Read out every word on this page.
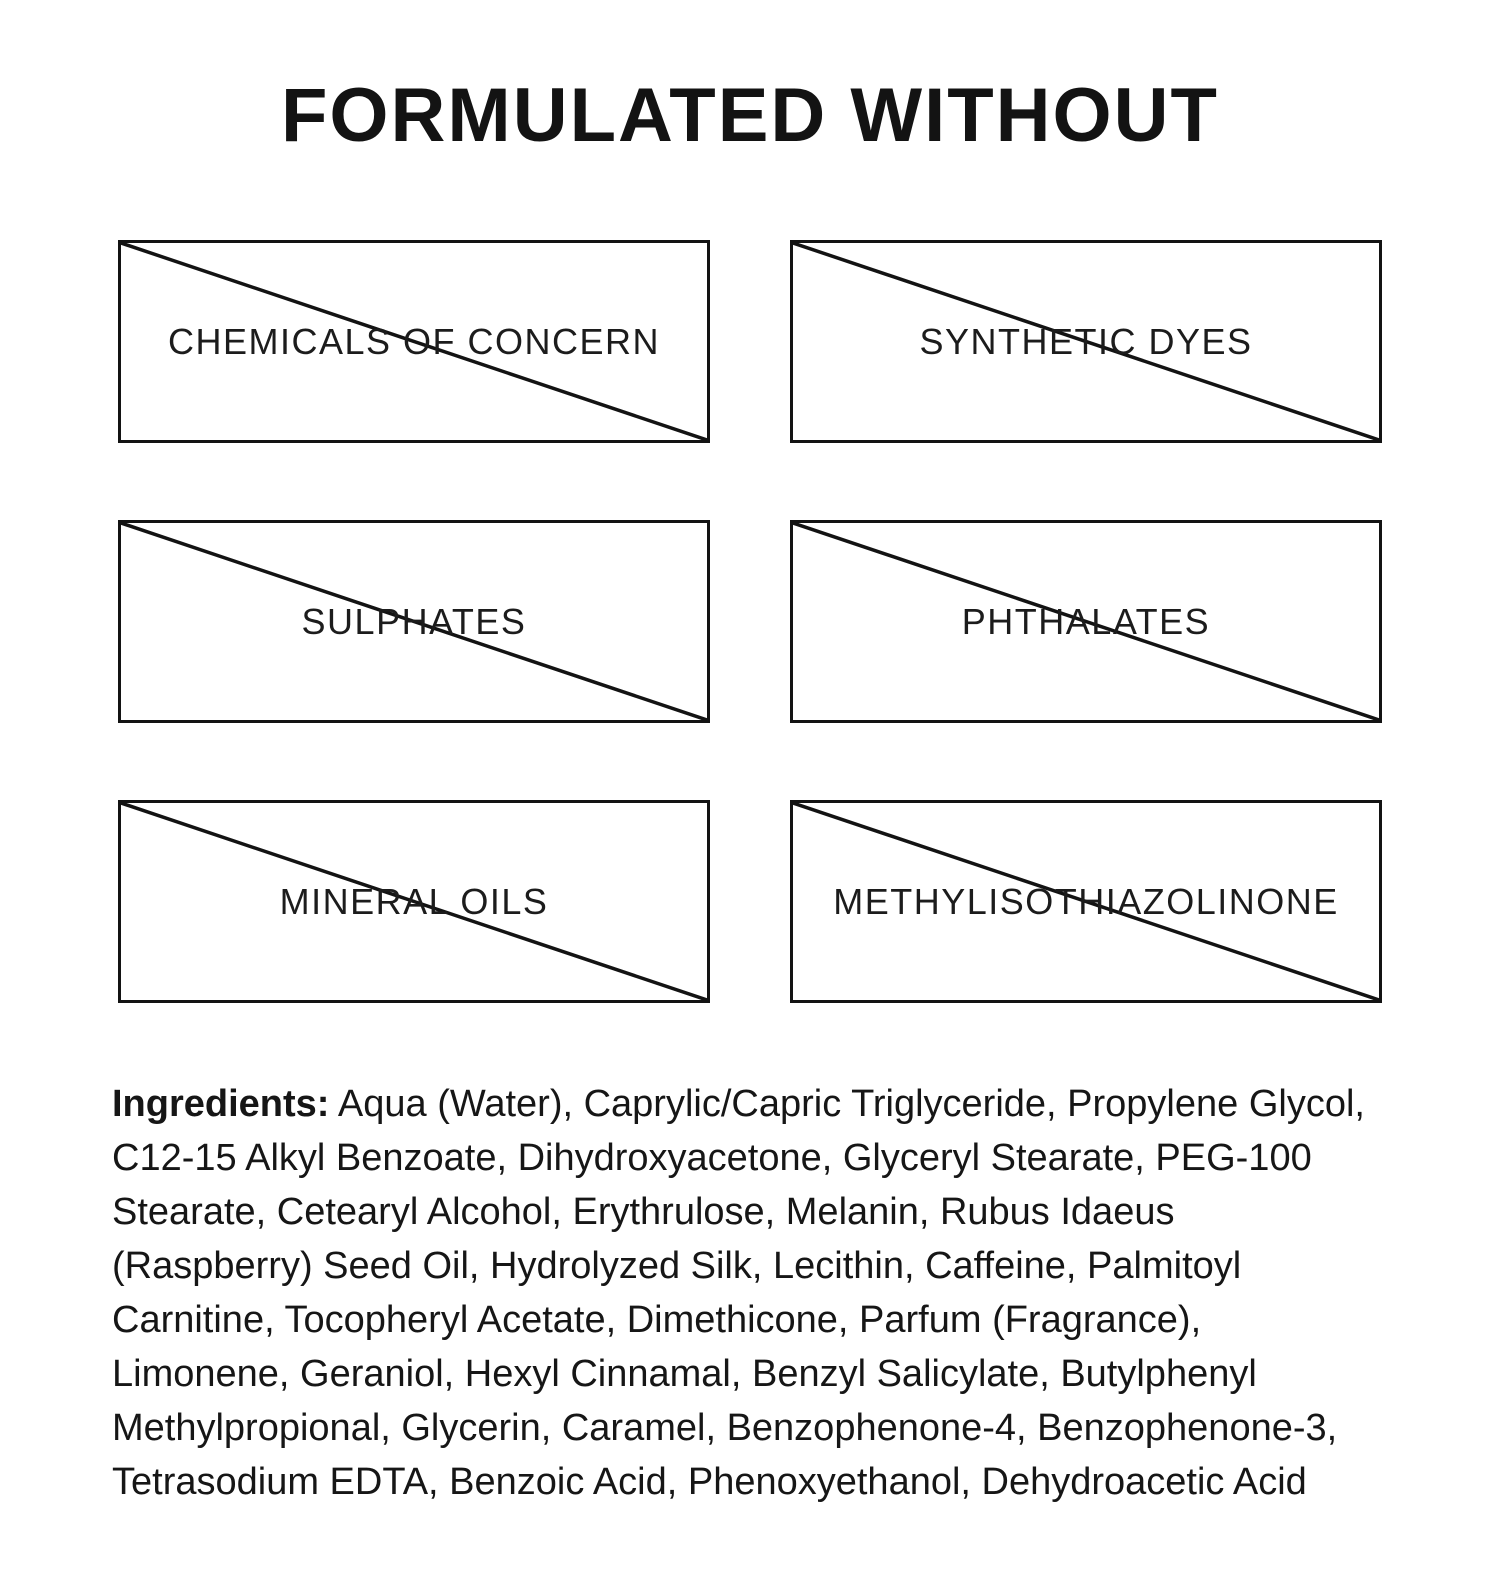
FORMULATED WITHOUT
CHEMICALS OF CONCERN	SYNTHETIC DYES
SULPHATES	PHTHALATES
MINERAL OILS	METHYLISOTHIAZOLINONE

Ingredients: Aqua (Water), Caprylic/Capric Triglyceride, Propylene Glycol, C12-15 Alkyl Benzoate, Dihydroxyacetone, Glyceryl Stearate, PEG-100 Stearate, Cetearyl Alcohol, Erythrulose, Melanin, Rubus Idaeus (Raspberry) Seed Oil, Hydrolyzed Silk, Lecithin, Caffeine, Palmitoyl Carnitine, Tocopheryl Acetate, Dimethicone, Parfum (Fragrance), Limonene, Geraniol, Hexyl Cinnamal, Benzyl Salicylate, Butylphenyl Methylpropional, Glycerin, Caramel, Benzophenone-4, Benzophenone-3, Tetrasodium EDTA, Benzoic Acid, Phenoxyethanol, Dehydroacetic Acid
